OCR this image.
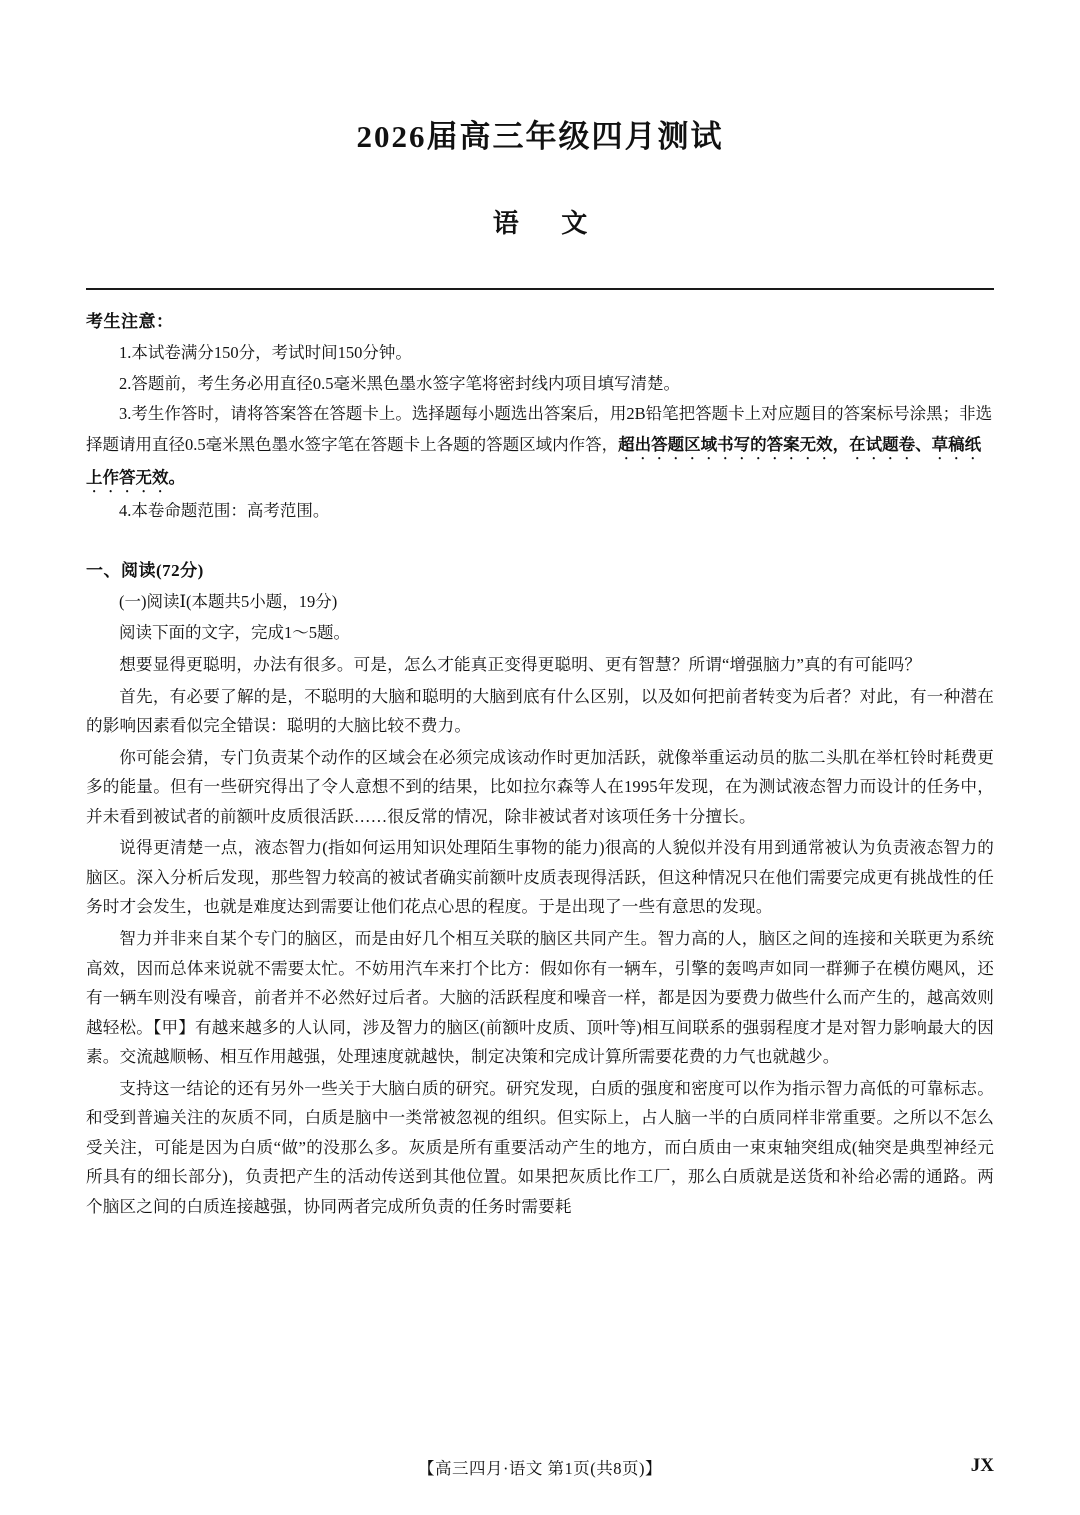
2026届高三年级四月测试
语 文
考生注意：
1.本试卷满分150分，考试时间150分钟。
2.答题前，考生务必用直径0.5毫米黑色墨水签字笔将密封线内项目填写清楚。
3.考生作答时，请将答案答在答题卡上。选择题每小题选出答案后，用2B铅笔把答题卡上对应题目的答案标号涂黑；非选择题请用直径0.5毫米黑色墨水签字笔在答题卡上各题的答题区域内作答，超出答题区域书写的答案无效，在试题卷、草稿纸上作答无效。
4.本卷命题范围：高考范围。
一、阅读(72分)
(一)阅读Ⅰ(本题共5小题，19分)
阅读下面的文字，完成1～5题。
想要显得更聪明，办法有很多。可是，怎么才能真正变得更聪明、更有智慧？所谓“增强脑力”真的有可能吗？
首先，有必要了解的是，不聪明的大脑和聪明的大脑到底有什么区别，以及如何把前者转变为后者？对此，有一种潜在的影响因素看似完全错误：聪明的大脑比较不费力。
你可能会猜，专门负责某个动作的区域会在必须完成该动作时更加活跃，就像举重运动员的肱二头肌在举杠铃时耗费更多的能量。但有一些研究得出了令人意想不到的结果，比如拉尔森等人在1995年发现，在为测试液态智力而设计的任务中，并未看到被试者的前额叶皮质很活跃……很反常的情况，除非被试者对该项任务十分擅长。
说得更清楚一点，液态智力(指如何运用知识处理陌生事物的能力)很高的人貌似并没有用到通常被认为负责液态智力的脑区。深入分析后发现，那些智力较高的被试者确实前额叶皮质表现得活跃，但这种情况只在他们需要完成更有挑战性的任务时才会发生，也就是难度达到需要让他们花点心思的程度。于是出现了一些有意思的发现。
智力并非来自某个专门的脑区，而是由好几个相互关联的脑区共同产生。智力高的人，脑区之间的连接和关联更为系统高效，因而总体来说就不需要太忙。不妨用汽车来打个比方：假如你有一辆车，引擎的轰鸣声如同一群狮子在模仿飓风，还有一辆车则没有噪音，前者并不必然好过后者。大脑的活跃程度和噪音一样，都是因为要费力做些什么而产生的，越高效则越轻松。【甲】有越来越多的人认同，涉及智力的脑区(前额叶皮质、顶叶等)相互间联系的强弱程度才是对智力影响最大的因素。交流越顺畅、相互作用越强，处理速度就越快，制定决策和完成计算所需要花费的力气也就越少。
支持这一结论的还有另外一些关于大脑白质的研究。研究发现，白质的强度和密度可以作为指示智力高低的可靠标志。和受到普遍关注的灰质不同，白质是脑中一类常被忽视的组织。但实际上，占人脑一半的白质同样非常重要。之所以不怎么受关注，可能是因为白质“做”的没那么多。灰质是所有重要活动产生的地方，而白质由一束束轴突组成(轴突是典型神经元所具有的细长部分)，负责把产生的活动传送到其他位置。如果把灰质比作工厂，那么白质就是送货和补给必需的通路。两个脑区之间的白质连接越强，协同两者完成所负责的任务时需要耗
【高三四月·语文 第1页(共8页)】	JX
